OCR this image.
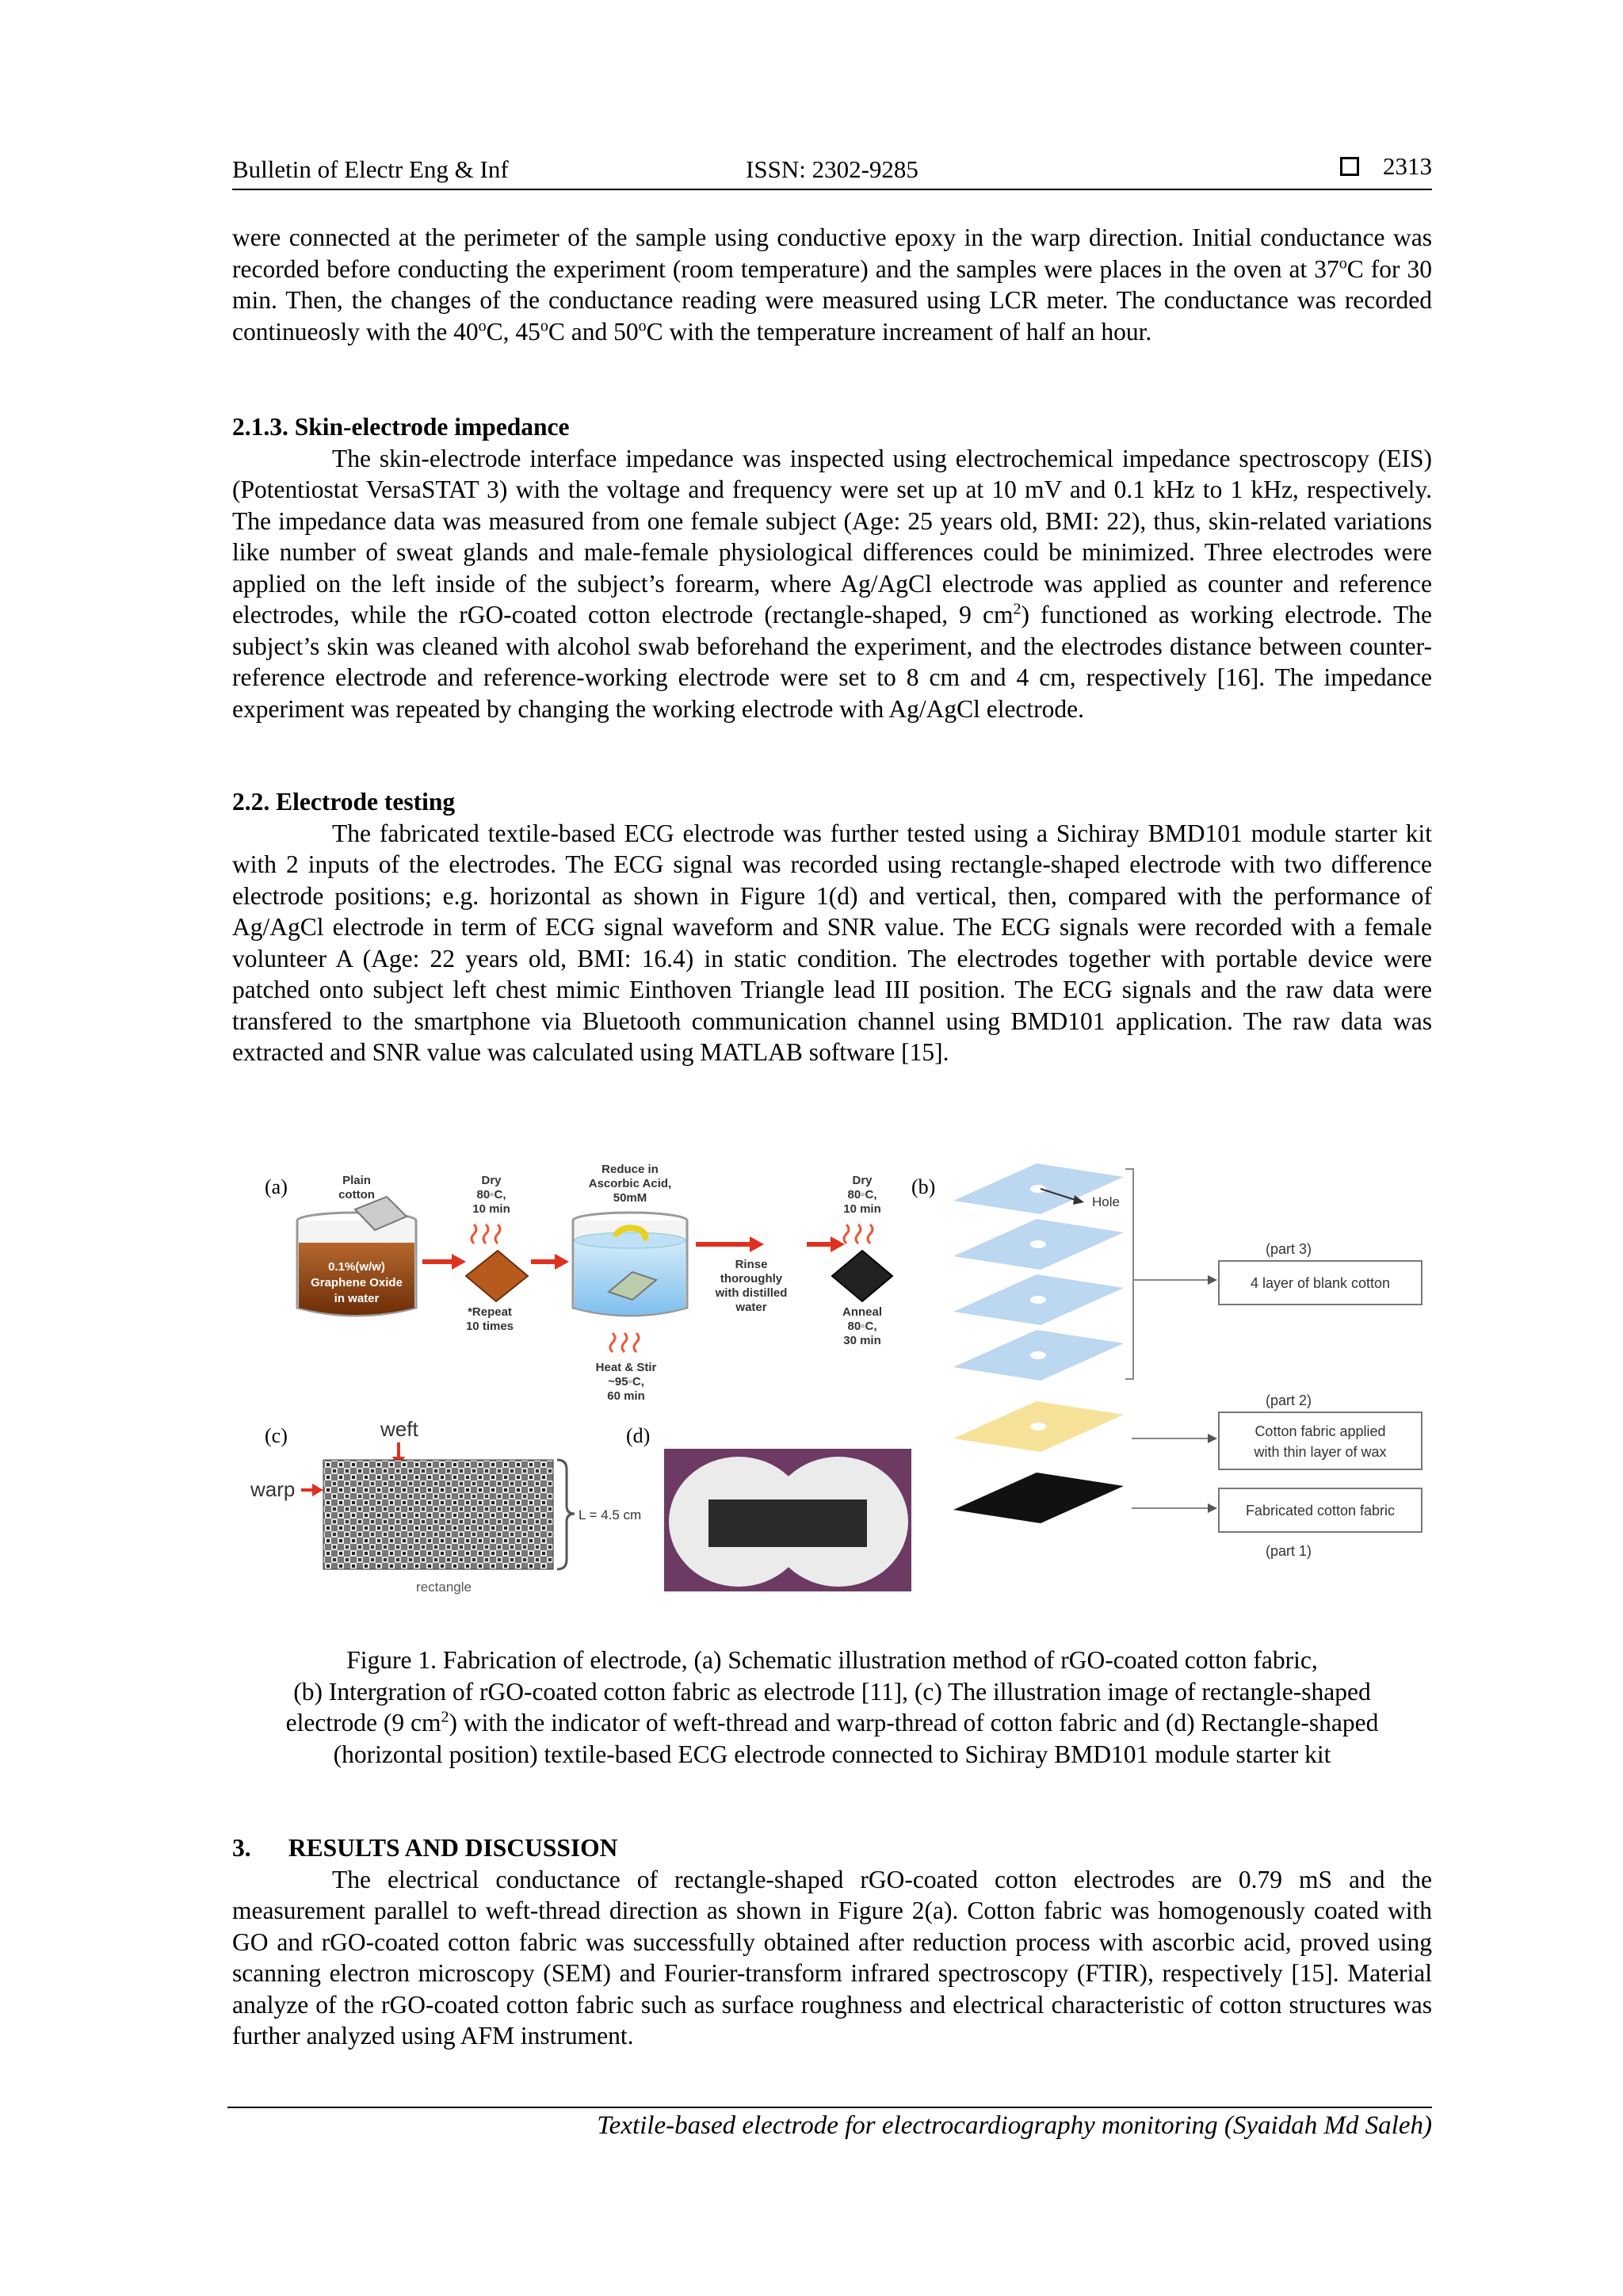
Bulletin of Electr Eng & Inf	ISSN: 2302-9285	2313

were connected at the perimeter of the sample using conductive epoxy in the warp direction. Initial conductance was recorded before conducting the experiment (room temperature) and the samples were places in the oven at 37$^o$C for 30 min. Then, the changes of the conductance reading were measured using LCR meter. The conductance was recorded continueosly with the 40$^o$C, 45$^o$C and 50$^o$C with the temperature increament of half an hour.

2.1.3. Skin-electrode impedance

The skin-electrode interface impedance was inspected using electrochemical impedance spectroscopy (EIS) (Potentiostat VersaSTAT 3) with the voltage and frequency were set up at 10 mV and 0.1 kHz to 1 kHz, respectively. The impedance data was measured from one female subject (Age: 25 years old, BMI: 22), thus, skin-related variations like number of sweat glands and male-female physiological differences could be minimized. Three electrodes were applied on the left inside of the subject’s forearm, where Ag/AgCl electrode was applied as counter and reference electrodes, while the rGO-coated cotton electrode (rectangle-shaped, 9 $cm^2$) functioned as working electrode. The subject’s skin was cleaned with alcohol swab beforehand the experiment, and the electrodes distance between counter-reference electrode and reference-working electrode were set to 8 cm and 4 cm, respectively [16]. The impedance experiment was repeated by changing the working electrode with Ag/AgCl electrode.

2.2. Electrode testing

The fabricated textile-based ECG electrode was further tested using a Sichiray BMD101 module starter kit with 2 inputs of the electrodes. The ECG signal was recorded using rectangle-shaped electrode with two difference electrode positions; e.g. horizontal as shown in Figure 1(d) and vertical, then, compared with the performance of Ag/AgCl electrode in term of ECG signal waveform and SNR value. The ECG signals were recorded with a female volunteer A (Age: 22 years old, BMI: 16.4) in static condition. The electrodes together with portable device were patched onto subject left chest mimic Einthoven Triangle lead III position. The ECG signals and the raw data were transfered to the smartphone via Bluetooth communication channel using BMD101 application. The raw data was extracted and SNR value was calculated using MATLAB software [15].

(a)	(b)
(c)	(d)
Plain
cotton
0.1%(w/w)
Graphene Oxide
in water
Dry
80◦C,
10 min
*Repeat
10 times
Reduce in
Ascorbic Acid,
50mM
Heat & Stir
~95◦C,
60 min
Rinse
thoroughly
with distilled
water
Dry
80◦C,
10 min
Anneal
80◦C,
30 min
Hole
(part 3)
4 layer of blank cotton
(part 2)
Cotton fabric applied
with thin layer of wax
Fabricated cotton fabric
(part 1)
weft
warp
L = 4.5 cm
rectangle
Figure 1. Fabrication of electrode, (a) Schematic illustration method of rGO-coated cotton fabric,
(b) Intergration of rGO-coated cotton fabric as electrode [11], (c) The illustration image of rectangle-shaped
electrode (9 $cm^2$) with the indicator of weft-thread and warp-thread of cotton fabric and (d) Rectangle-shaped
(horizontal position) textile-based ECG electrode connected to Sichiray BMD101 module starter kit

3.      RESULTS AND DISCUSSION

The electrical conductance of rectangle-shaped rGO-coated cotton electrodes are 0.79 mS and the measurement parallel to weft-thread direction as shown in Figure 2(a). Cotton fabric was homogenously coated with GO and rGO-coated cotton fabric was successfully obtained after reduction process with ascorbic acid, proved using scanning electron microscopy (SEM) and Fourier-transform infrared spectroscopy (FTIR), respectively [15]. Material analyze of the rGO-coated cotton fabric such as surface roughness and electrical characteristic of cotton structures was further analyzed using AFM instrument.

Textile-based electrode for electrocardiography monitoring (Syaidah Md Saleh)
